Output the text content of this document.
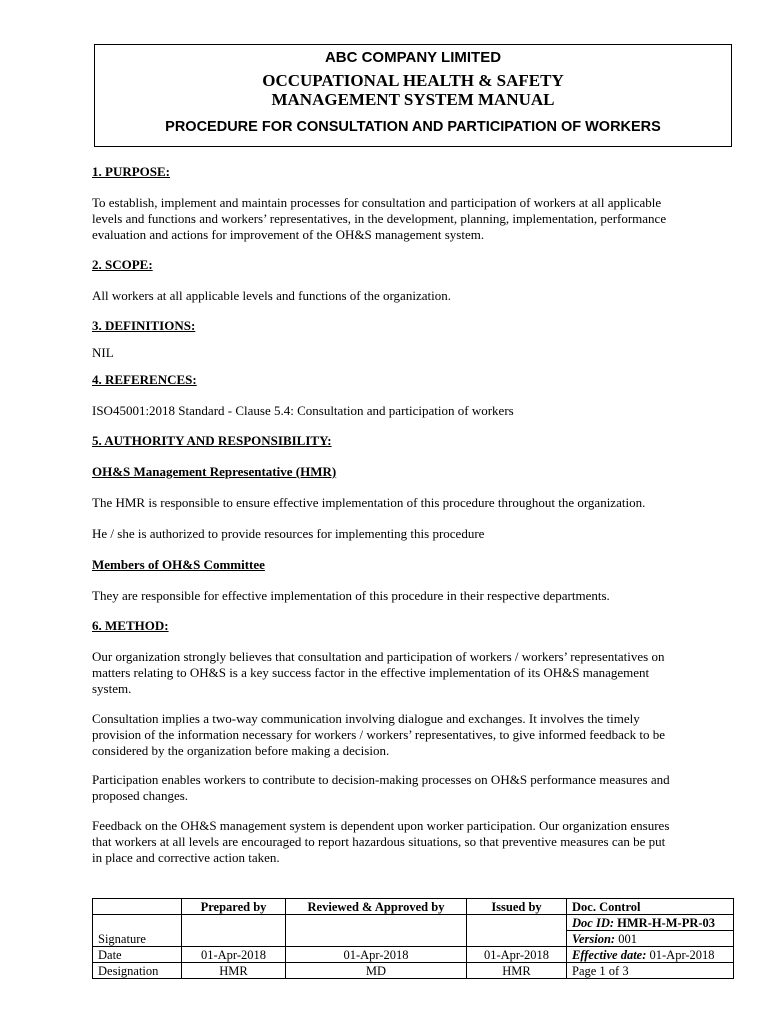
ABC COMPANY LIMITED
OCCUPATIONAL HEALTH & SAFETY
MANAGEMENT SYSTEM MANUAL
PROCEDURE FOR CONSULTATION AND PARTICIPATION OF WORKERS
1. PURPOSE:
To establish, implement and maintain processes for consultation and participation of workers at all applicable
levels and functions and workers’ representatives, in the development, planning, implementation, performance
evaluation and actions for improvement of the OH&S management system.
2. SCOPE:
All workers at all applicable levels and functions of the organization.
3. DEFINITIONS:
NIL
4. REFERENCES:
ISO45001:2018 Standard - Clause 5.4: Consultation and participation of workers
5. AUTHORITY AND RESPONSIBILITY:
OH&S Management Representative (HMR)
The HMR is responsible to ensure effective implementation of this procedure throughout the organization.
He / she is authorized to provide resources for implementing this procedure
Members of OH&S Committee
They are responsible for effective implementation of this procedure in their respective departments.
6. METHOD:
Our organization strongly believes that consultation and participation of workers / workers’ representatives on
matters relating to OH&S is a key success factor in the effective implementation of its OH&S management
system.
Consultation implies a two-way communication involving dialogue and exchanges. It involves the timely
provision of the information necessary for workers / workers’ representatives, to give informed feedback to be
considered by the organization before making a decision.
Participation enables workers to contribute to decision-making processes on OH&S performance measures and
proposed changes.
Feedback on the OH&S management system is dependent upon worker participation. Our organization ensures
that workers at all levels are encouraged to report hazardous situations, so that preventive measures can be put
in place and corrective action taken.
	Prepared by	Reviewed & Approved by	Issued by	Doc. Control
Signature				Doc ID: HMR-H-M-PR-03
				Version: 001
Date	01-Apr-2018	01-Apr-2018	01-Apr-2018	Effective date: 01-Apr-2018
Designation	HMR	MD	HMR	Page 1 of 3
